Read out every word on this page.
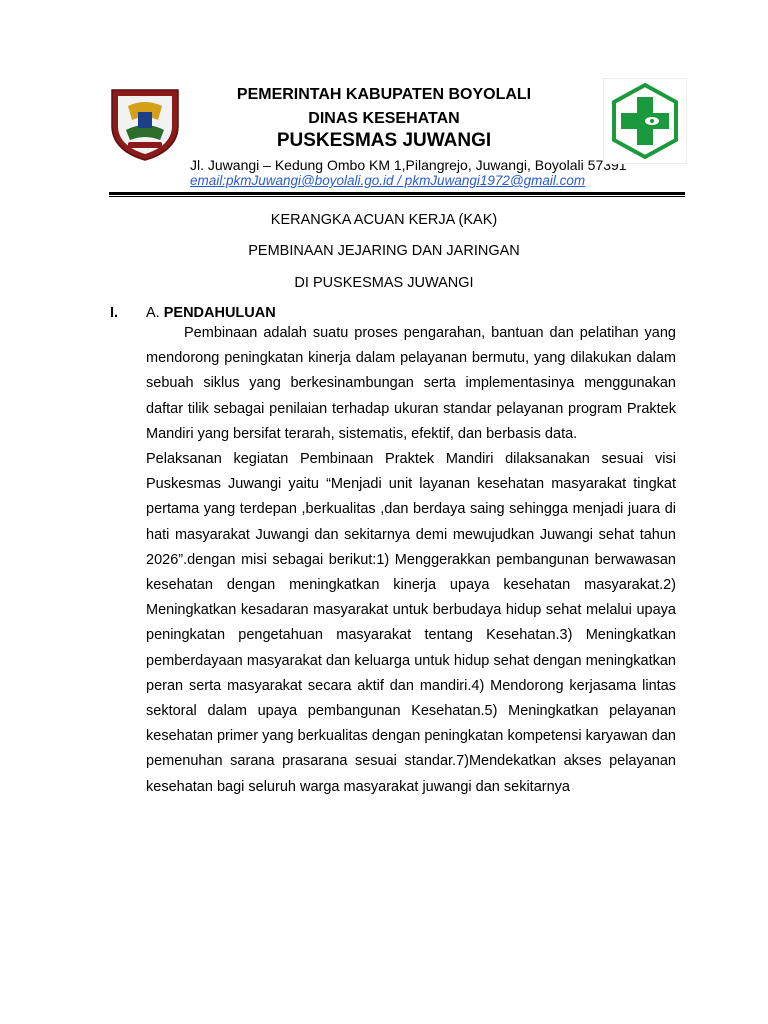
PEMERINTAH KABUPATEN BOYOLALI
DINAS KESEHATAN
PUSKESMAS JUWANGI
Jl. Juwangi – Kedung Ombo KM 1,Pilangrejo, Juwangi, Boyolali 57391
email:pkmJuwangi@boyolali.go.id / pkmJuwangi1972@gmail.com
KERANGKA ACUAN KERJA (KAK)
PEMBINAAN JEJARING DAN JARINGAN
DI PUSKESMAS JUWANGI
I. A. PENDAHULUAN

Pembinaan adalah suatu proses pengarahan, bantuan dan pelatihan yang mendorong peningkatan kinerja dalam pelayanan bermutu, yang dilakukan dalam sebuah siklus yang berkesinambungan serta implementasinya menggunakan daftar tilik sebagai penilaian terhadap ukuran standar pelayanan program Praktek Mandiri yang bersifat terarah, sistematis, efektif, dan berbasis data.

Pelaksanan kegiatan Pembinaan Praktek Mandiri dilaksanakan sesuai visi Puskesmas Juwangi yaitu “Menjadi unit layanan kesehatan masyarakat tingkat pertama yang terdepan ,berkualitas ,dan berdaya saing sehingga menjadi juara di hati masyarakat Juwangi dan sekitarnya demi mewujudkan Juwangi sehat tahun 2026”.dengan misi sebagai berikut:1) Menggerakkan pembangunan berwawasan kesehatan dengan meningkatkan kinerja upaya kesehatan masyarakat.2) Meningkatkan kesadaran masyarakat untuk berbudaya hidup sehat melalui upaya peningkatan pengetahuan masyarakat tentang Kesehatan.3) Meningkatkan pemberdayaan masyarakat dan keluarga untuk hidup sehat dengan meningkatkan peran serta masyarakat secara aktif dan mandiri.4) Mendorong kerjasama lintas sektoral dalam upaya pembangunan Kesehatan.5) Meningkatkan pelayanan kesehatan primer yang berkualitas dengan peningkatan kompetensi karyawan dan pemenuhan sarana prasarana sesuai standar.7)Mendekatkan akses pelayanan kesehatan bagi seluruh warga masyarakat juwangi dan sekitarnya
